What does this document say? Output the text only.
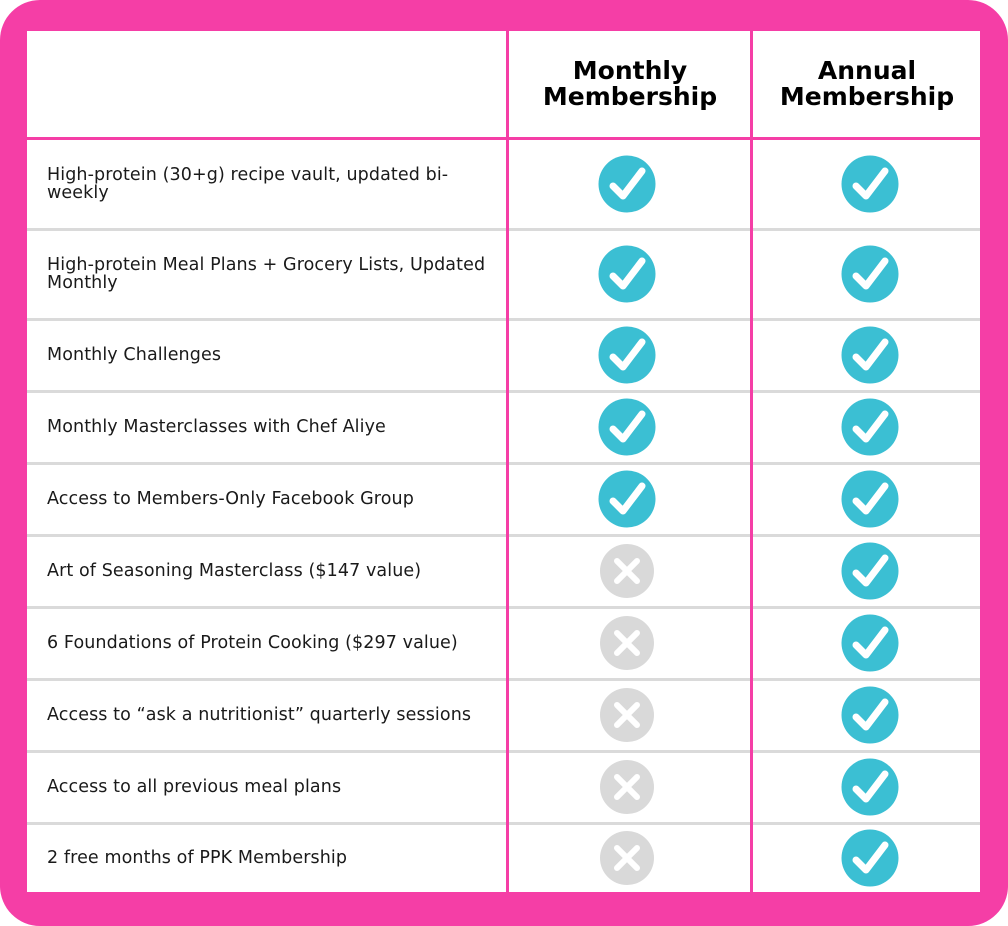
Monthly
Membership
Annual
Membership
High-protein (30+g) recipe vault, updated bi-weekly
High-protein Meal Plans + Grocery Lists, Updated Monthly
Monthly Challenges
Monthly Masterclasses with Chef Aliye
Access to Members-Only Facebook Group
Art of Seasoning Masterclass ($147 value)
6 Foundations of Protein Cooking ($297 value)
Access to “ask a nutritionist” quarterly sessions
Access to all previous meal plans
2 free months of PPK Membership
